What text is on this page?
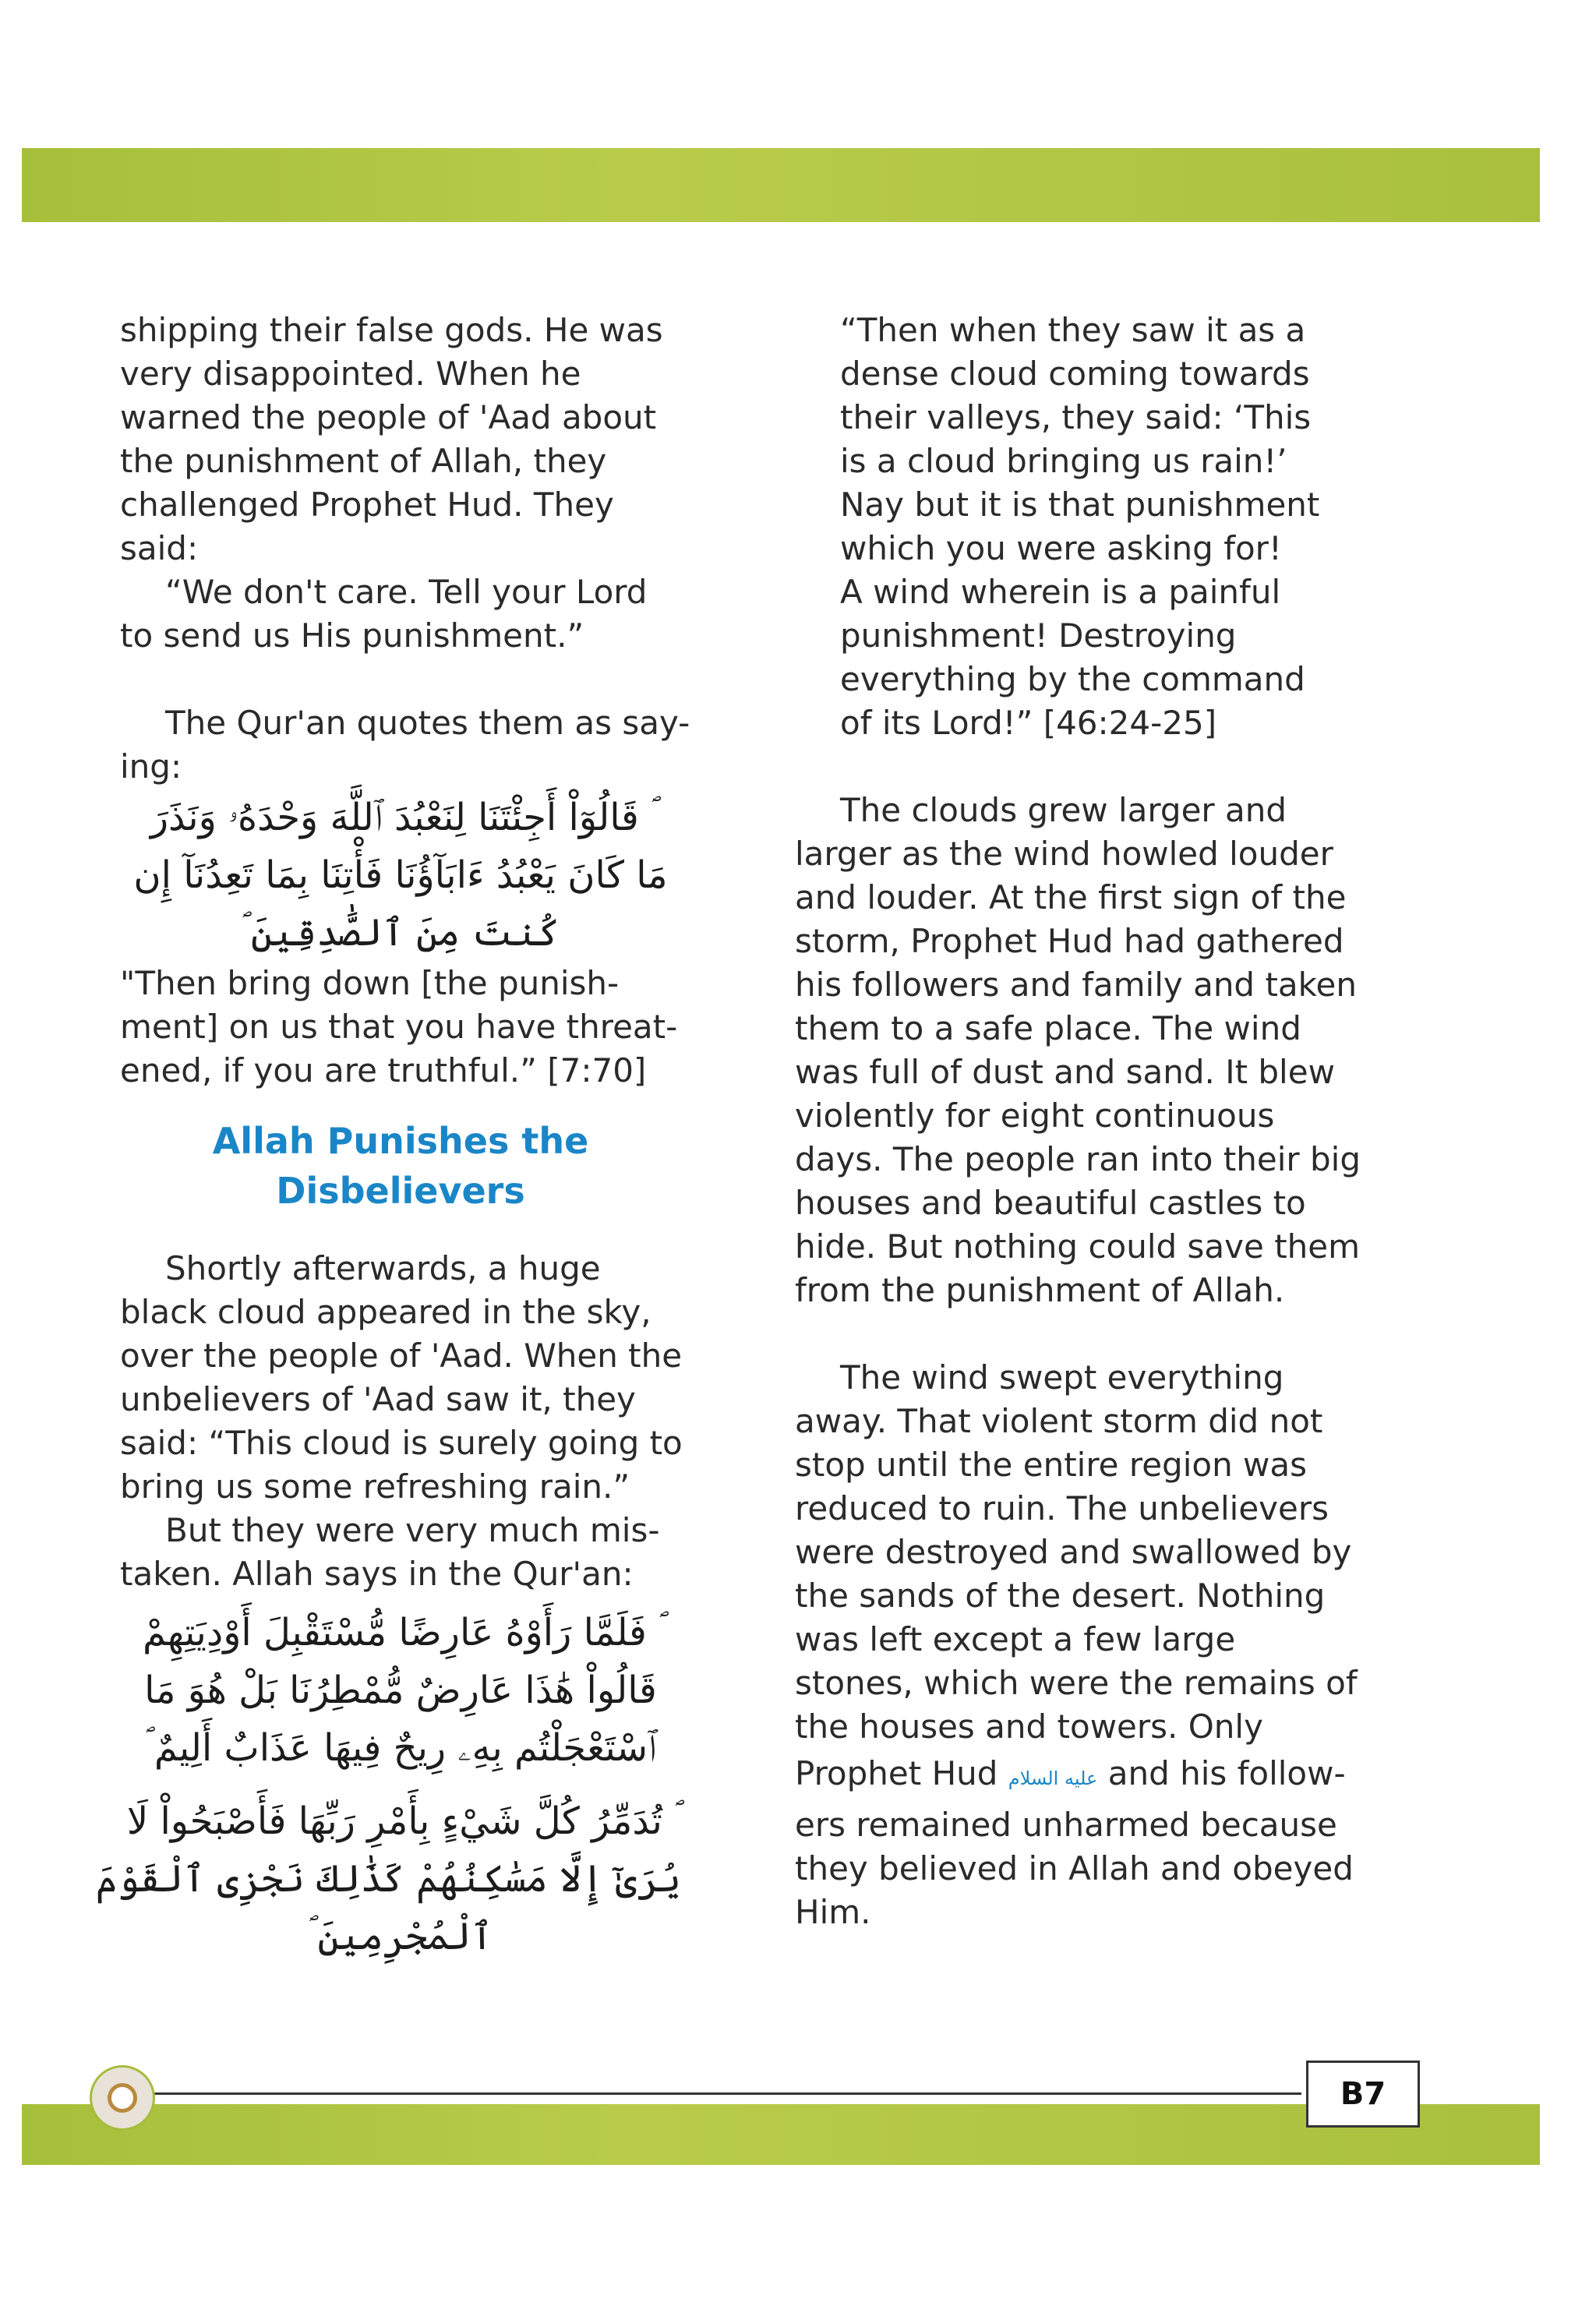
shipping their false gods. He was

very disappointed. When he

warned the people of 'Aad about

the punishment of Allah, they

challenged Prophet Hud. They

said:

“We don't care. Tell your Lord

to send us His punishment.”

The Qur'an quotes them as say-

ing:

ؐ قَالُوٓاْ أَجِئْتَنَا لِنَعْبُدَ ٱللَّهَ وَحْدَهُۥ وَنَذَرَ

مَا كَانَ يَعْبُدُ ءَابَآؤُنَا فَأْتِنَا بِمَا تَعِدُنَآ إِن

كُنتَ مِنَ ٱلصَّٰدِقِينَ ؐ

"Then bring down [the punish-

ment] on us that you have threat-

ened, if you are truthful.” [7:70]

Allah Punishes the
Disbelievers

Shortly afterwards, a huge

black cloud appeared in the sky,

over the people of 'Aad. When the

unbelievers of 'Aad saw it, they

said: “This cloud is surely going to

bring us some refreshing rain.”

But they were very much mis-

taken. Allah says in the Qur'an:

ؐ فَلَمَّا رَأَوْهُ عَارِضًا مُّسْتَقْبِلَ أَوْدِيَتِهِمْ

قَالُواْ هَٰذَا عَارِضٌ مُّمْطِرُنَا بَلْ هُوَ مَا

ٱسْتَعْجَلْتُم بِهِۦ رِيحٌ فِيهَا عَذَابٌ أَلِيمٌ ؐ

ؐ تُدَمِّرُ كُلَّ شَيْءٍ بِأَمْرِ رَبِّهَا فَأَصْبَحُواْ لَا

يُرَىٰٓ إِلَّا مَسَٰكِنُهُمْ كَذَٰلِكَ نَجْزِى ٱلْقَوْمَ

ٱلْمُجْرِمِينَ ؐ

“Then when they saw it as a

dense cloud coming towards

their valleys, they said: ‘This

is a cloud bringing us rain!’

Nay but it is that punishment

which you were asking for!

A wind wherein is a painful

punishment! Destroying

everything by the command

of its Lord!” [46:24-25]

The clouds grew larger and

larger as the wind howled louder

and louder. At the first sign of the

storm, Prophet Hud had gathered

his followers and family and taken

them to a safe place. The wind

was full of dust and sand. It blew

violently for eight continuous

days. The people ran into their big

houses and beautiful castles to

hide. But nothing could save them

from the punishment of Allah.

The wind swept everything

away. That violent storm did not

stop until the entire region was

reduced to ruin. The unbelievers

were destroyed and swallowed by

the sands of the desert. Nothing

was left except a few large

stones, which were the remains of

the houses and towers. Only

Prophet Hud عليه السلام and his follow-

ers remained unharmed because

they believed in Allah and obeyed

Him.

B7
